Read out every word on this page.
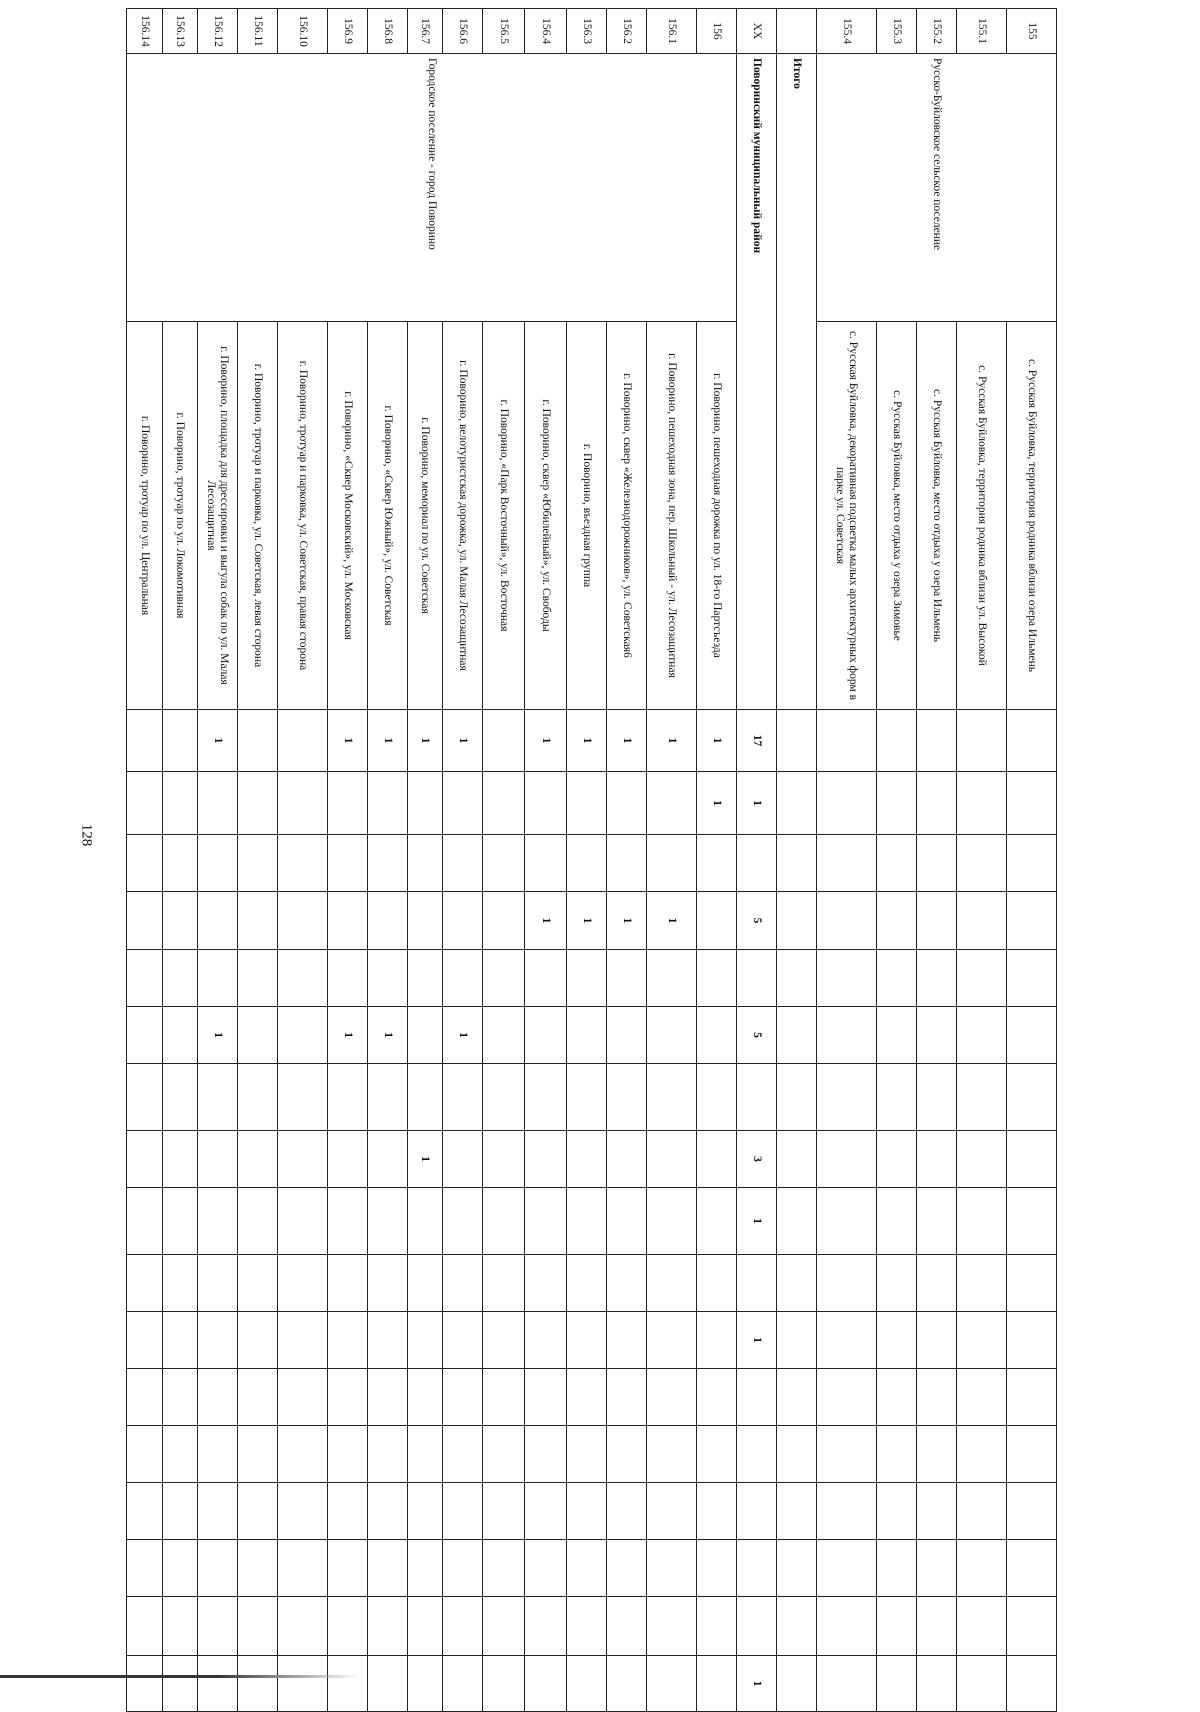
128
155	Русско-Буйловское сельское поселение	с. Русская Буйловка, территория родника вблизи озера Ильмень																	
155.1		с. Русская Буйловка, территория родника вблизи ул. Высокой																	
155.2		с. Русская Буйловка, место отдыха у озера Ильмень																	
155.3		с. Русская Буйловка, место отдыха у озера Зимовье																	
155.4		с. Русская Буйловка, декоративная подсветка малых архитектурных форм в парке ул. Советская																	
	Итого																		
XX	Поворинский муниципальный район		17	1		5		5		3	1		1						1
156	Городское поселение - город Поворино	г. Поворино, пешеходная дорожка по ул. 18-го Партсъезда	1	1															
156.1		г. Поворино, пешеходная зона, пер. Школьный - ул. Лесозащитная	1			1													
156.2		г. Поворино, сквер «Железнодорожников», ул. Советская6	1			1													
156.3		г. Поворино, въездная группа	1			1													
156.4		г. Поворино, сквер «Юбилейный», ул. Свободы	1			1													
156.5		г. Поворино, «Парк Восточный», ул. Восточная																	
156.6		г. Поворино, велотуристская дорожка, ул. Малая Лесозащитная	1					1											
156.7		г. Поворино, мемориал по ул. Советская	1							1									
156.8		г. Поворино, «Сквер Южный», ул. Советская	1					1											
156.9		г. Поворино, «Сквер Московский», ул. Московская	1					1											
156.10		г. Поворино, тротуар и парковка, ул. Советская, правая сторона																	
156.11		г. Поворино, тротуар и парковка, ул. Советская, левая сторона																	
156.12		г. Поворино, площадка для дрессировки и выгула собак по ул. Малая Лесозащитная	1					1											
156.13		г. Поворино, тротуар по ул. Локомотивная																	
156.14		г. Поворино, тротуар по ул. Центральная																	
